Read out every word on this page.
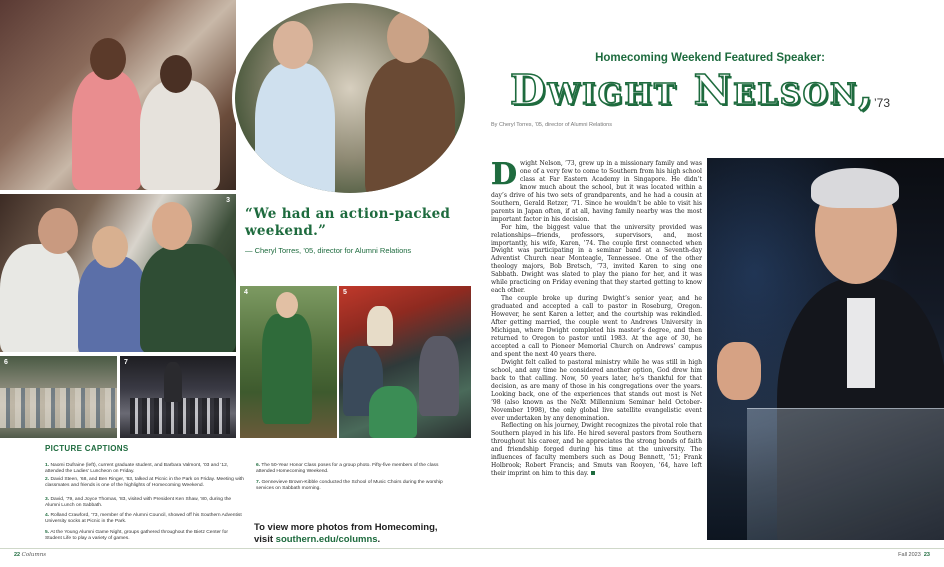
3
4	5
6	7
“We had an action-packed weekend.”
— Cheryl Torres, ’05, director for Alumni Relations
PICTURE CAPTIONS
1. Naomi Dufraine (left), current graduate student, and Barbara Valmont, ’03 and ’12, attended the Ladies’ Luncheon on Friday.
2. David Steen, ’68, and Ben Ringer, ’63, talked at Picnic in the Park on Friday. Meeting with classmates and friends is one of the highlights of Homecoming Weekend.
3. David, ’79, and Joyce Thomas, ’83, visited with President Ken Shaw, ’80, during the Alumni Lunch on Sabbath.
4. Rolland Crawford, ’73, member of the Alumni Council, showed off his Southern Adventist University socks at Picnic in the Park.
5. At the Young Alumni Game Night, groups gathered throughout the Bietz Center for Student Life to play a variety of games.
6. The 50-Year Honor Class poses for a group photo. Fifty-five members of the class attended Homecoming Weekend.
7. Gennevieve Brown-Kibble conducted the School of Music Choirs during the worship services on Sabbath morning.
To view more photos from Homecoming,
visit southern.edu/columns.
22 Columns	Fall 2023 23
Homecoming Weekend Featured Speaker:
Dwight Nelson, ’73
By Cheryl Torres, ’05, director of Alumni Relations
D wight Nelson, ’73, grew up in a missionary family and was one of a very few to come to Southern from his high school class at Far Eastern Academy in Singapore. He didn’t know much about the school, but it was located within a day’s drive of his two sets of grandparents, and he had a cousin at Southern, Gerald Retzer, ’71. Since he wouldn’t be able to visit his parents in Japan often, if at all, having family nearby was the most important factor in his decision.

For him, the biggest value that the university provided was relationships—friends, professors, supervisors, and, most importantly, his wife, Karen, ’74. The couple first connected when Dwight was participating in a seminar band at a Seventh-day Adventist Church near Monteagle, Tennessee. One of the other theology majors, Bob Bretsch, ’73, invited Karen to sing one Sabbath. Dwight was slated to play the piano for her, and it was while practicing on Friday evening that they started getting to know each other.

The couple broke up during Dwight’s senior year, and he graduated and accepted a call to pastor in Roseburg, Oregon. However, he sent Karen a letter, and the courtship was rekindled. After getting married, the couple went to Andrews University in Michigan, where Dwight completed his master’s degree, and then returned to Oregon to pastor until 1983. At the age of 30, he accepted a call to Pioneer Memorial Church on Andrews’ campus and spent the next 40 years there.

Dwight felt called to pastoral ministry while he was still in high school, and any time he considered another option, God drew him back to that calling. Now, 50 years later, he’s thankful for that decision, as are many of those in his congregations over the years. Looking back, one of the experiences that stands out most is Net ’98 (also known as the NeXt Millennium Seminar held October-November 1998), the only global live satellite evangelistic event ever undertaken by any denomination.

Reflecting on his journey, Dwight recognizes the pivotal role that Southern played in his life. He hired several pastors from Southern throughout his career, and he appreciates the strong bonds of faith and friendship forged during his time at the university. The influences of faculty members such as Doug Bennett, ’51; Frank Holbrook; Robert Francis; and Smuts van Rooyen, ’64, have left their imprint on him to this day.
